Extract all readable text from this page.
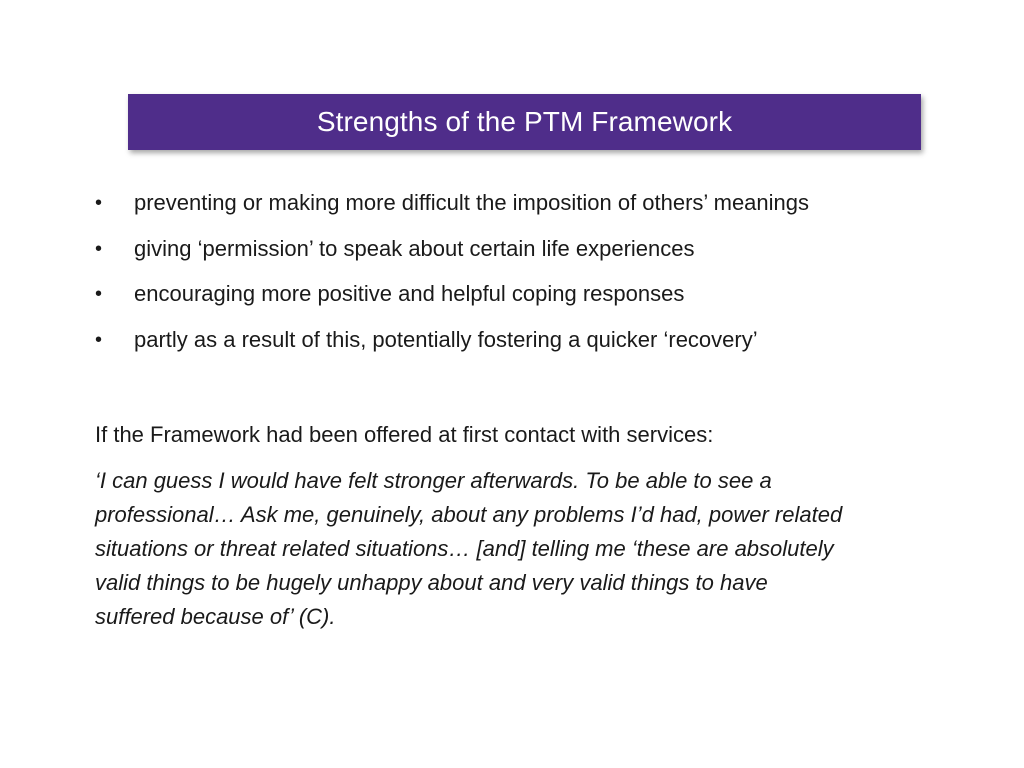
Strengths of the PTM Framework
•	preventing or making more difficult the imposition of others’ meanings
•	giving ‘permission’ to speak about certain life experiences
•	encouraging more positive and helpful coping responses
•	partly as a result of this, potentially fostering a quicker ‘recovery’
If the Framework had been offered at first contact with services:
‘I can guess I would have felt stronger afterwards. To be able to see a
professional… Ask me, genuinely, about any problems I’d had, power related
situations or threat related situations… [and] telling me ‘these are absolutely
valid things to be hugely unhappy about and very valid things to have
suffered because of’ (C).
